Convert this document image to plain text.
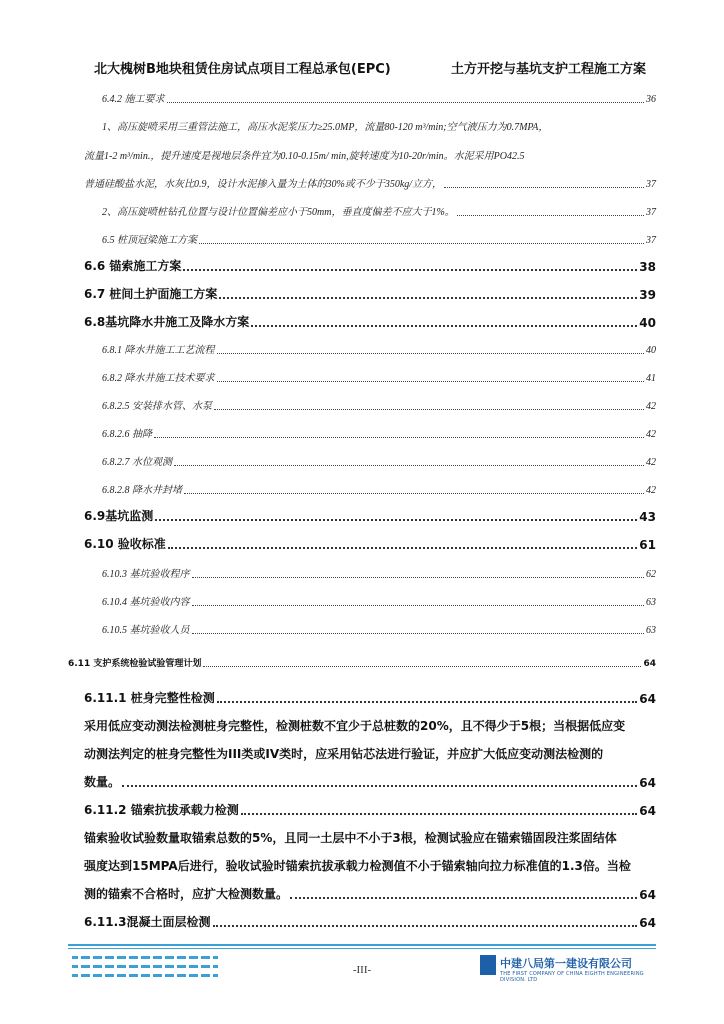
北大槐树B地块租赁住房试点项目工程总承包(EPC)	土方开挖与基坑支护工程施工方案
6.4.2 施工要求	36
1、高压旋喷采用三重管法施工，高压水泥浆压力≥25.0MP，流量80-120 m³/min;空气液压力为0.7MPA，
流量1-2 m³/min.，提升速度是视地层条件宜为0.10-0.15m/ min,旋转速度为10-20r/min。水泥采用PO42.5
普通硅酸盐水泥，水灰比0.9，设计水泥掺入量为土体的30%或不少于350kg/立方，	37
2、高压旋喷桩钻孔位置与设计位置偏差应小于50mm，垂直度偏差不应大于1%。	37
6.5 桩顶冠梁施工方案	37
6.6 锚索施工方案	38
6.7 桩间土护面施工方案	39
6.8基坑降水井施工及降水方案	40
6.8.1 降水井施工工艺流程	40
6.8.2 降水井施工技术要求	41
6.8.2.5 安装排水管、水泵	42
6.8.2.6 抽降	42
6.8.2.7 水位观测	42
6.8.2.8 降水井封堵	42
6.9基坑监测	43
6.10 验收标准	61
6.10.3 基坑验收程序	62
6.10.4 基坑验收内容	63
6.10.5 基坑验收人员	63
6.11 支护系统检验试验管理计划	64
6.11.1 桩身完整性检测	64
采用低应变动测法检测桩身完整性，检测桩数不宜少于总桩数的20%，且不得少于5根；当根据低应变
动测法判定的桩身完整性为III类或IV类时，应采用钻芯法进行验证，并应扩大低应变动测法检测的
数量。	64
6.11.2 锚索抗拔承载力检测	64
锚索验收试验数量取锚索总数的5%，且同一土层中不小于3根，检测试验应在锚索锚固段注浆固结体
强度达到15MPA后进行，验收试验时锚索抗拔承载力检测值不小于锚索轴向拉力标准值的1.3倍。当检
测的锚索不合格时，应扩大检测数量。	64
6.11.3混凝土面层检测	64
-III-	中建八局第一建设有限公司
THE FIRST COMPANY OF CHINA EIGHTH ENGINEERING DIVISION. LTD
